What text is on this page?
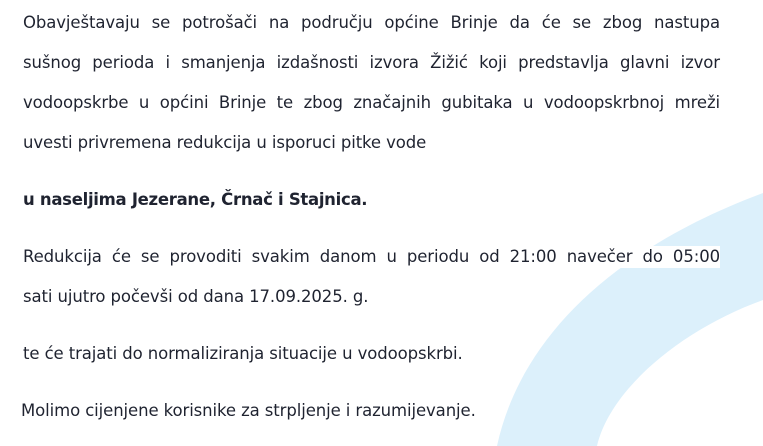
Obavještavaju se potrošači na području općine Brinje da će se zbog nastupa

sušnog perioda i smanjenja izdašnosti izvora Žižić koji predstavlja glavni izvor

vodoopskrbe u općini Brinje te zbog značajnih gubitaka u vodoopskrbnoj mreži

uvesti privremena redukcija u isporuci pitke vode

u naseljima Jezerane, Črnač i Stajnica.

Redukcija će se provoditi svakim danom u periodu od 21:00 navečer do 05:00

sati ujutro počevši od dana 17.09.2025. g.

te će trajati do normaliziranja situacije u vodoopskrbi.

Molimo cijenjene korisnike za strpljenje i razumijevanje.
